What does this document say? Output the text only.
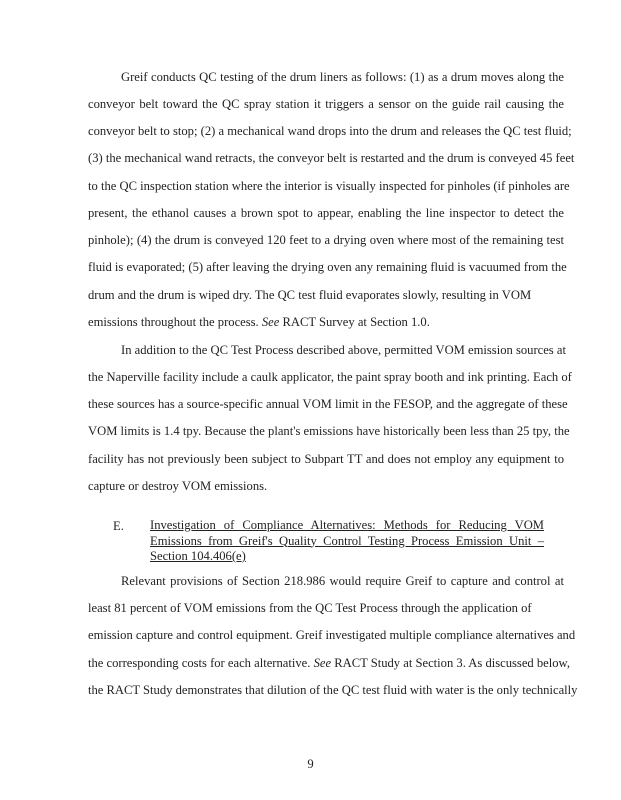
Greif conducts QC testing of the drum liners as follows: (1) as a drum moves along the
conveyor belt toward the QC spray station it triggers a sensor on the guide rail causing the
conveyor belt to stop; (2) a mechanical wand drops into the drum and releases the QC test fluid;
(3) the mechanical wand retracts, the conveyor belt is restarted and the drum is conveyed 45 feet
to the QC inspection station where the interior is visually inspected for pinholes (if pinholes are
present, the ethanol causes a brown spot to appear, enabling the line inspector to detect the
pinhole); (4) the drum is conveyed 120 feet to a drying oven where most of the remaining test
fluid is evaporated; (5) after leaving the drying oven any remaining fluid is vacuumed from the
drum and the drum is wiped dry. The QC test fluid evaporates slowly, resulting in VOM
emissions throughout the process. See RACT Survey at Section 1.0.
In addition to the QC Test Process described above, permitted VOM emission sources at
the Naperville facility include a caulk applicator, the paint spray booth and ink printing. Each of
these sources has a source-specific annual VOM limit in the FESOP, and the aggregate of these
VOM limits is 1.4 tpy. Because the plant's emissions have historically been less than 25 tpy, the
facility has not previously been subject to Subpart TT and does not employ any equipment to
capture or destroy VOM emissions.
E. Investigation of Compliance Alternatives: Methods for Reducing VOM Emissions from Greif's Quality Control Testing Process Emission Unit – Section 104.406(e)
Relevant provisions of Section 218.986 would require Greif to capture and control at
least 81 percent of VOM emissions from the QC Test Process through the application of
emission capture and control equipment. Greif investigated multiple compliance alternatives and
the corresponding costs for each alternative. See RACT Study at Section 3. As discussed below,
the RACT Study demonstrates that dilution of the QC test fluid with water is the only technically
9
